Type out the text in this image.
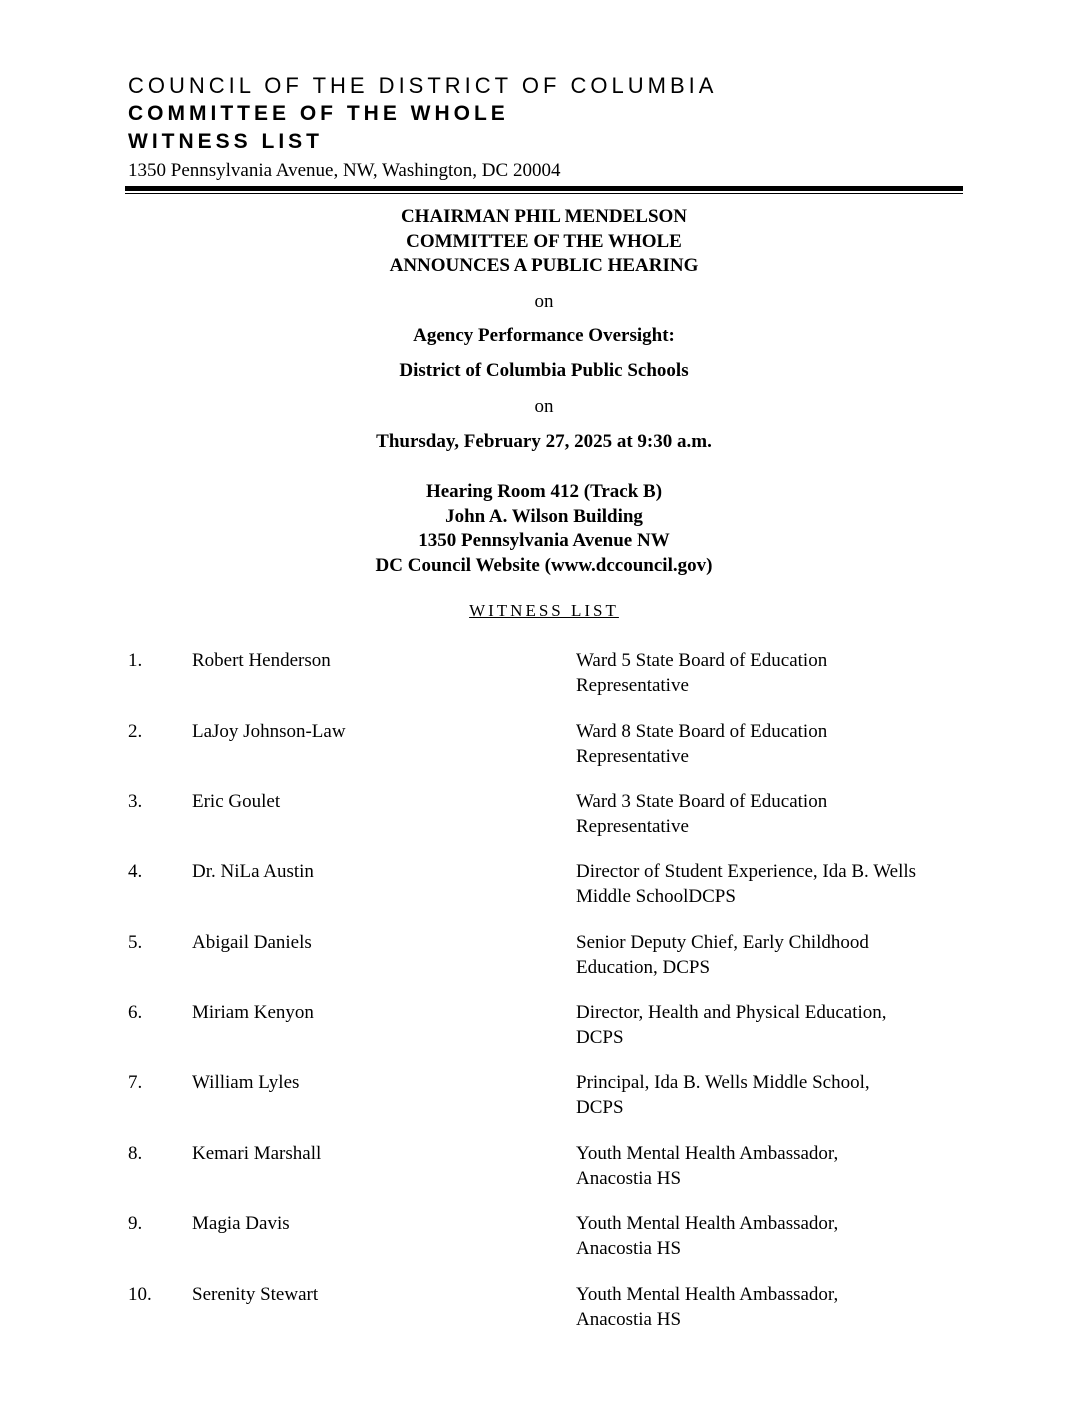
COUNCIL OF THE DISTRICT OF COLUMBIA
COMMITTEE OF THE WHOLE
WITNESS LIST
1350 Pennsylvania Avenue, NW, Washington, DC 20004
CHAIRMAN PHIL MENDELSON
COMMITTEE OF THE WHOLE
ANNOUNCES A PUBLIC HEARING
on
Agency Performance Oversight:
District of Columbia Public Schools
on
Thursday, February 27, 2025 at 9:30 a.m.
Hearing Room 412 (Track B)
John A. Wilson Building
1350 Pennsylvania Avenue NW
DC Council Website (www.dccouncil.gov)
WITNESS LIST
1.	Robert Henderson	Ward 5 State Board of Education
Representative
2.	LaJoy Johnson-Law	Ward 8 State Board of Education
Representative
3.	Eric Goulet	Ward 3 State Board of Education
Representative
4.	Dr. NiLa Austin	Director of Student Experience, Ida B. Wells
Middle SchoolDCPS
5.	Abigail Daniels	Senior Deputy Chief, Early Childhood
Education, DCPS
6.	Miriam Kenyon	Director, Health and Physical Education,
DCPS
7.	William Lyles	Principal, Ida B. Wells Middle School,
DCPS
8.	Kemari Marshall	Youth Mental Health Ambassador,
Anacostia HS
9.	Magia Davis	Youth Mental Health Ambassador,
Anacostia HS
10. Serenity Stewart	Youth Mental Health Ambassador,
Anacostia HS
